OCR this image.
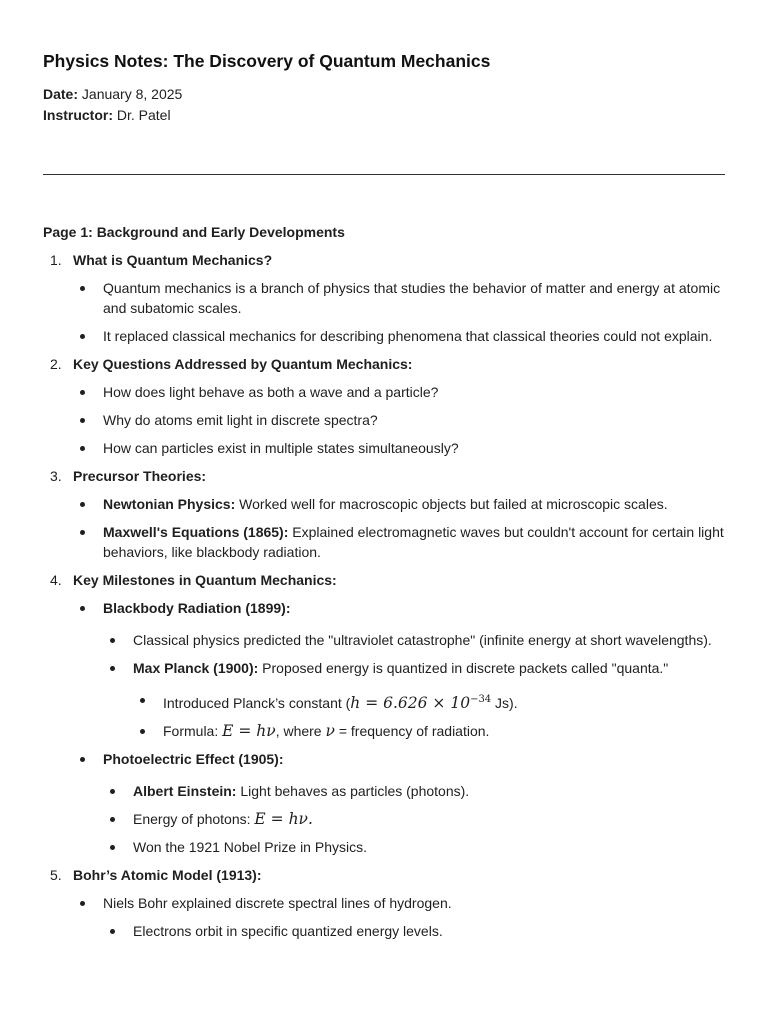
Physics Notes: The Discovery of Quantum Mechanics

Date: January 8, 2025

Instructor: Dr. Patel

Page 1: Background and Early Developments
1. What is Quantum Mechanics?
Quantum mechanics is a branch of physics that studies the behavior of matter and energy at atomic and subatomic scales.
It replaced classical mechanics for describing phenomena that classical theories could not explain.
2. Key Questions Addressed by Quantum Mechanics:
How does light behave as both a wave and a particle?
Why do atoms emit light in discrete spectra?
How can particles exist in multiple states simultaneously?
3. Precursor Theories:
Newtonian Physics: Worked well for macroscopic objects but failed at microscopic scales.
Maxwell's Equations (1865): Explained electromagnetic waves but couldn't account for certain light behaviors, like blackbody radiation.
4. Key Milestones in Quantum Mechanics:
Blackbody Radiation (1899):
Classical physics predicted the "ultraviolet catastrophe" (infinite energy at short wavelengths).
Max Planck (1900): Proposed energy is quantized in discrete packets called "quanta."
Introduced Planck’s constant ($h = 6.626 \times 10^{-34}$ Js).
Formula: E = hν, where ν = frequency of radiation.
Photoelectric Effect (1905):
Albert Einstein: Light behaves as particles (photons).
Energy of photons: E = hν.
Won the 1921 Nobel Prize in Physics.
5. Bohr’s Atomic Model (1913):
Niels Bohr explained discrete spectral lines of hydrogen.
Electrons orbit in specific quantized energy levels.
